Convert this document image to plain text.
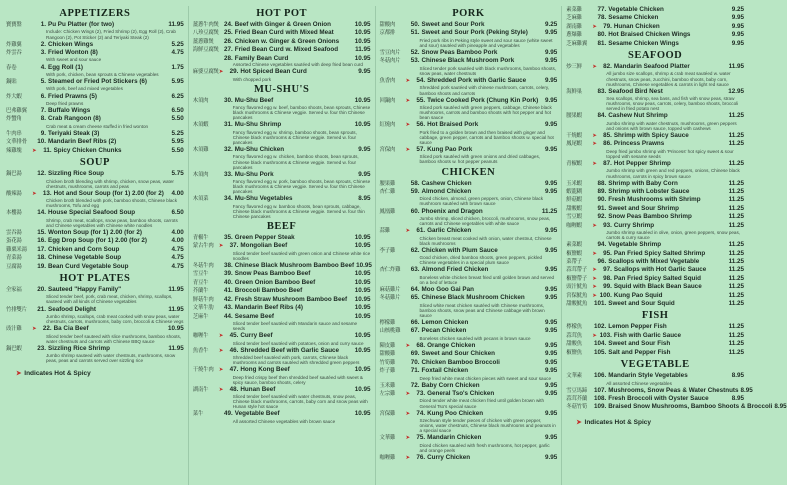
APPETIZERS
寶寶盤	1. Pu Pu Platter (for two)	11.95
Include: Chicken Wings (2), Fried Shrimp (2), Egg Roll (2), Crab Rangoon (2), Pot Sticker (2) and Teriyaki Steak (2)
炸雞翼	2. Chicken Wings	5.25
炸雲吞	3. Fried Wonton (8)	4.75
With sweet and sour sauce
春卷	4. Egg Roll (1)	1.75
With pork, chicken, bean sprouts & Chinese vegetables
鍋貼	5. Steamed or Fried Pot Stickers (6)	5.95
With pork, beef and mixed vegetables
炸大蝦	6. Fried Prawns (5)	6.25
Deep fried prawns
巴弗雞翼	7. Buffalo Wings	6.50
炸蟹角	8. Crab Rangoon (8)	5.50
Crab meat & cream cheese stuffed in fried wonton
牛肉串	9. Teriyaki Steak (3)	5.25
文華排骨	10. Mandarin Beef Ribs (2)	5.95
辣雞塊	➤	11. Spicy Chicken Chunks	5.50
SOUP
鍋巴湯	12. Sizzling Rice Soup	5.75
Chicken broth blending with shrimp, chicken, snow peas, water chestnuts, mushrooms, carrots and peas
酸辣湯	➤ 13. Hot and Sour Soup (for 1) 2.00 (for 2)	4.00
Chicken broth blended with pork, bamboo shoots, Chinese black mushrooms, Tofu and egg
本樓湯	14. House Special Seafood Soup	6.50
Shrimp, crab meat, scallops, snow peas, bamboo shoots, carrots and Chinese vegetables with Chinese white noodles
雲吞湯	15. Wonton Soup (for 1) 2.00 (for 2)	4.00
蛋花湯	16. Egg Drop Soup (for 1) 2.00 (for 2)	4.00
雞粟米湯	17. Chicken and Corn Soup	4.75
青菜湯	18. Chinese Vegetable Soup	4.75
豆腐湯	19. Bean Curd Vegetable Soup	4.75
HOT PLATES
全家福	20. Sauteed "Happy Family"	11.95
Sliced tender beef, pork, crab meat, chicken, shrimp, scallops, sauteed with all kinds of Chinese vegetables
竹排雙片	21. Seafood Delight	11.95
Jumbo shrimp, scallops, crab meat cooked with snow peas, water chestnuts, carrots, mushrooms, baby corn, broccoli & Chinese vegs
豉汁雞	➤ 22. Ba Cia Beef	10.95
Sliced tender beef sauteed with slice mushrooms, bamboo shoots, water chestnuts and carrots with Chinese BBQ sauce
鍋巴蝦	23. Sizzling Rice Shrimp	11.95
Jumbo shrimp sauteed with water chestnuts, mushrooms, snow peas, peas and carrots served over sizzling rice
➤ Indicates Hot & Spicy
HOT POT
薑蔥牛肉煲 24. Beef with Ginger & Green Onion	10.95
八珍豆腐煲 25. Fried Bean Curd with Mixed Meat	10.95
薑蔥雞煲	26. Chicken w. Ginger & Green Onions	10.95
海鮮豆腐煲 27. Fried Bean Curd w. Mixed Seafood	11.95
28. Family Bean Curd	10.95
Assorted Chinese vegetables sautéed with deep fried bean curd
麻婆豆腐煲 ➤ 29. Hot Spiced Bean Curd	9.95
With chopped pork
MU-SHU'S
木須肉	30. Mu-Shu Beef	10.95
Fancy flavored egg w. beef, bamboo shoots, bean sprouts, Chinese black mushrooms & Chinese veggie. Served w. four thin Chinese pancakes
木須蝦	31. Mu-Shu Shrimp	10.95
Fancy flavored egg w. shrimp, bamboo shoots, bean sprouts, Chinese black mushrooms & Chinese veggie. Served w. four pancakes
木須雞	32. Mu-Shu Chicken	9.95
Fancy flavored egg w. chicken, bamboo shoots, bean sprouts, Chinese black mushrooms & Chinese veggie. Served w. four pancakes
木須肉	33. Mu-Shu Pork	9.95
Fancy flavored egg w. pork, bamboo shoots, bean sprouts, Chinese black mushrooms & Chinese veggie. Served w. four thin Chinese pancakes
木須菜	34. Mu-Shu Vegetables	8.95
Fancy flavored egg w. bamboo shoots, bean sprouts, cabbage, Chinese black mushrooms & Chinese veggie. Served w. four thin Chinese pancakes
BEEF
青椒牛	35. Green Pepper Steak	10.95
蒙古牛肉 ➤ 37. Mongolian Beef	10.95
Sliced tender beef sautéed with green onion and Chinese white rice noodles
冬菇牛肉	38. Chinese Black Mushroom Bamboo Beef 10.95
雪豆牛	39. Snow Peas Bamboo Beef	10.95
青豆牛	40. Green Onion Bamboo Beef	10.95
芥蘭牛	41. Broccoli Bamboo Beef	10.95
鮮菇牛肉	42. Fresh Straw Mushroom Bamboo Beef	10.95
文華牛肋	43. Mandarin Beef Ribs (4)	10.95
芝麻牛	44. Sesame Beef	10.95
Sliced tender beef sautéed with Mandarin sauce and sesame seeds
咖喱牛	➤ 45. Curry Beef	10.95
Sliced tender beef sautéed with potatoes, onion and curry sauce
魚香牛	➤ 46. Shredded Beef with Garlic Sauce	10.95
Shredded beef sautéed with pork, carrots, Chinese black mushrooms and carrots sautéed with shredded green peppers
干燒牛肉 ➤ 47. Hong Kong Beef	10.95
Deep fried crispy beef then shredded beef sautéed with sweet & spicy sauce, bamboo shoots, celery
湖南牛	➤ 48. Hunan Beef	10.95
Sliced tender beef sautéed with water chestnuts, snow peas, Chinese black mushrooms, carrots, baby corn and snow peas with Hunan style hot sauce
菜牛	49. Vegetable Beef	10.95
All assorted Chinese vegetables with brown sauce
PORK
甜酸肉	50. Sweet and Sour Pork	9.25
京都排	51. Sweet and Sour Pork (Peking Style)	9.95
Fried pork ribs in Peking style sweet and sour sauce (white sweet and sour) sautéed with pineapple and vegetables
雪豆肉片	52. Snow Peas Bamboo Pork	9.95
冬菇肉片	53. Chinese Black Mushroom Pork	9.95
Sliced tender pork sautéed with black mushrooms, bamboo shoots, snow peas, water chestnuts
魚香肉	➤ 54. Shredded Pork with Garlic Sauce	9.95
Shredded pork sautéed with chinese mushroom, carrots, celery, bamboo shoots and carrots
回鍋肉	➤ 55. Twice Cooked Pork (Chung Kin Pork)	9.95
Sliced pork sautéed with green peppers, cabbage, Chinese black mushrooms, carrots and bamboo shoots with hot pepper and hot bean sauce
紅燒肉	➤ 56. Hot Braised Pork	9.95
Pork fried to a golden brown and then braised with ginger and cabbage, green pepper, carrots and bamboo shoots w. special hot sauce
宮保肉	➤ 57. Kung Pao Pork	9.95
Sliced pork sautéed with green onions and dried cabbages, bamboo shoots w. hot pepper peanuts
CHICKEN
腰果雞	58. Cashew Chicken	9.95
杏仁雞	59. Almond Chicken	9.95
Diced chicken, almond, green peppers, onion, Chinese black mushroom sautéed with brown sauce
鳳凰雞	60. Phoenix and Dragon	11.25
Jumbo shrimp, sliced chicken, broccoli, mushrooms, snow peas, carrots and Chinese vegetables with white sauce
蒜雞	➤ 61. Garlic Chicken	9.95
Chicken breast meat cooked with onion, water chestnut, Chinese black mushrooms
李子雞	62. Chicken with Plum Sauce	9.95
Good chicken, dried bamboo shoots, green peppers, pickled Chinese vegetables in a special plum sauce
杏仁炸雞	63. Almond Fried Chicken	9.95
Boneless white chicken breast fried until golden brown and served on a bed of lettuce
麻菇雞片	64. Moo Goo Gai Pan	9.95
冬菇雞片	65. Chinese Black Mushroom Chicken	9.95
Sliced white meat chicken sautéed with Chinese mushrooms, bamboo shoots, snow peas and Chinese cabbage with brown sauce
檸檬雞	66. Lemon Chicken	9.95
山核桃雞	67. Pecan Chicken	9.95
Boneless chicken sautéed with pecans in brown sauce
陳皮雞	➤ 68. Orange Chicken	9.95
甜酸雞	69. Sweet and Sour Chicken	9.95
竹筍雞	70. Chicken Bamboo Broccoli	9.95
炸子雞	71. Foxtail Chicken	9.95
Deep fried white meat chicken pieces with sweet and sour sauce
玉米雞	72. Baby Corn Chicken	9.95
左宗雞	➤ 73. General Tso's Chicken	9.95
Diced tender white meat chicken fried until golden brown with General Tso's special sauce
宮保雞	➤ 74. Kung Poo Chicken	9.95
Szechwan style tender pieces of chicken with green pepper, onions, water chestnuts, Chinese black mushrooms and peanuts in a special sauce
文華雞	➤ 75. Mandarin Chicken	9.95
Diced chicken sautéed with fresh mushrooms, hot pepper, garlic and orange peels
咖喱雞	➤ 76. Curry Chicken	9.95
素菜雞	77. Vegetable Chicken	9.25
芝麻雞	78. Sesame Chicken	9.95
湖南雞	➤ 79. Hunan Chicken	9.95
蔥爆雞	80. Hot Braised Chicken Wings	9.95
芝麻雞翼	81. Sesame Chicken Wings	9.95
SEAFOOD
炒三鮮	➤ 82. Mandarin Seafood Platter	11.95
All jumbo size scallops, shrimp & crab meat sautéed w. water chestnuts, snow peas, zucchini, bamboo shoots, baby corn, mushrooms, Chinese vegetables & carrots in light red sauce
海鮮巢	83. Seafood Bird Nest	12.95
Sea scallops, shrimp, sea bass, and fish with snow peas, straw mushrooms, snow peas, carrots, celery, bamboo shoots, broccoli served in fried potato nest
腰果蝦	84. Cashew Nut Shrimp	11.25
Jumbo shrimp with water chestnuts, mushrooms, green peppers and onions with brown sauce, topped with cashews
干燒蝦	➤ 85. Shrimp with Spicy Sauce	11.25
鳳尾蝦	➤ 86. Princess Prawns	11.25
Deep fried jumbo shrimp with 'Princess' hot spicy sweet & sour topped with sesame seeds
青椒蝦	➤ 87. Hot Pepper Shrimp	11.25
Jumbo shrimp with green and red peppers, onions, Chinese black mushrooms, carrots in spicy brown sauce
玉米蝦	88. Shrimp with Baby Corn	11.25
蝦龍糊	89. Shrimp with Lobster Sauce	11.25
鮮菇蝦	90. Fresh Mushrooms with Shrimp	11.25
甜酸蝦	91. Sweet and Sour Shrimp	11.25
雪豆蝦	92. Snow Peas Bamboo Shrimp	11.25
咖喱蝦	➤ 93. Curry Shrimp	11.25
Jumbo shrimp sautéed in olive, onion, green peppers, snow peas, carrots & curry sauce
素菜蝦	94. Vegetable Shrimp	11.25
椒鹽蝦	➤ 95. Pan Fried Spicy Salted Shrimp	11.25
菜帶子	96. Scallops with Mixed Vegetable	11.25
蒜茸帶子 ➤ 97. Scallops with Hot Garlic Sauce	11.25
椒鹽帶子 ➤ 98. Pan Fried Spicy Salted Squid	11.25
豉汁魷魚 ➤ 99. Squid with Black Bean Sauce	11.25
宮保魷魚 ➤ 100. Kung Pao Squid	11.25
甜酸魷魚	101. Sweet and Sour Squid	11.25
FISH
檸檬魚	102. Lemon Pepper Fish	11.25
蒜茸魚	➤ 103. Fish with Garlic Sauce	11.25
甜酸魚	104. Sweet and Sour Fish	11.25
椒鹽魚	105. Salt and Pepper Fish	11.25
VEGETABLE
文華素	106. Mandarin Style Vegetables	8.95
All assorted Chinese vegetables
雪豆馬蹄	107. Mushrooms, Snow Peas & Water Chestnuts 8.95
蒜茸芥蘭	108. Fresh Broccoli with Oyster Sauce	8.95
冬菇竹筍	109. Braised Snow Mushrooms, Bamboo Shoots & Broccoli 8.95
➤ Indicates Hot & Spicy
